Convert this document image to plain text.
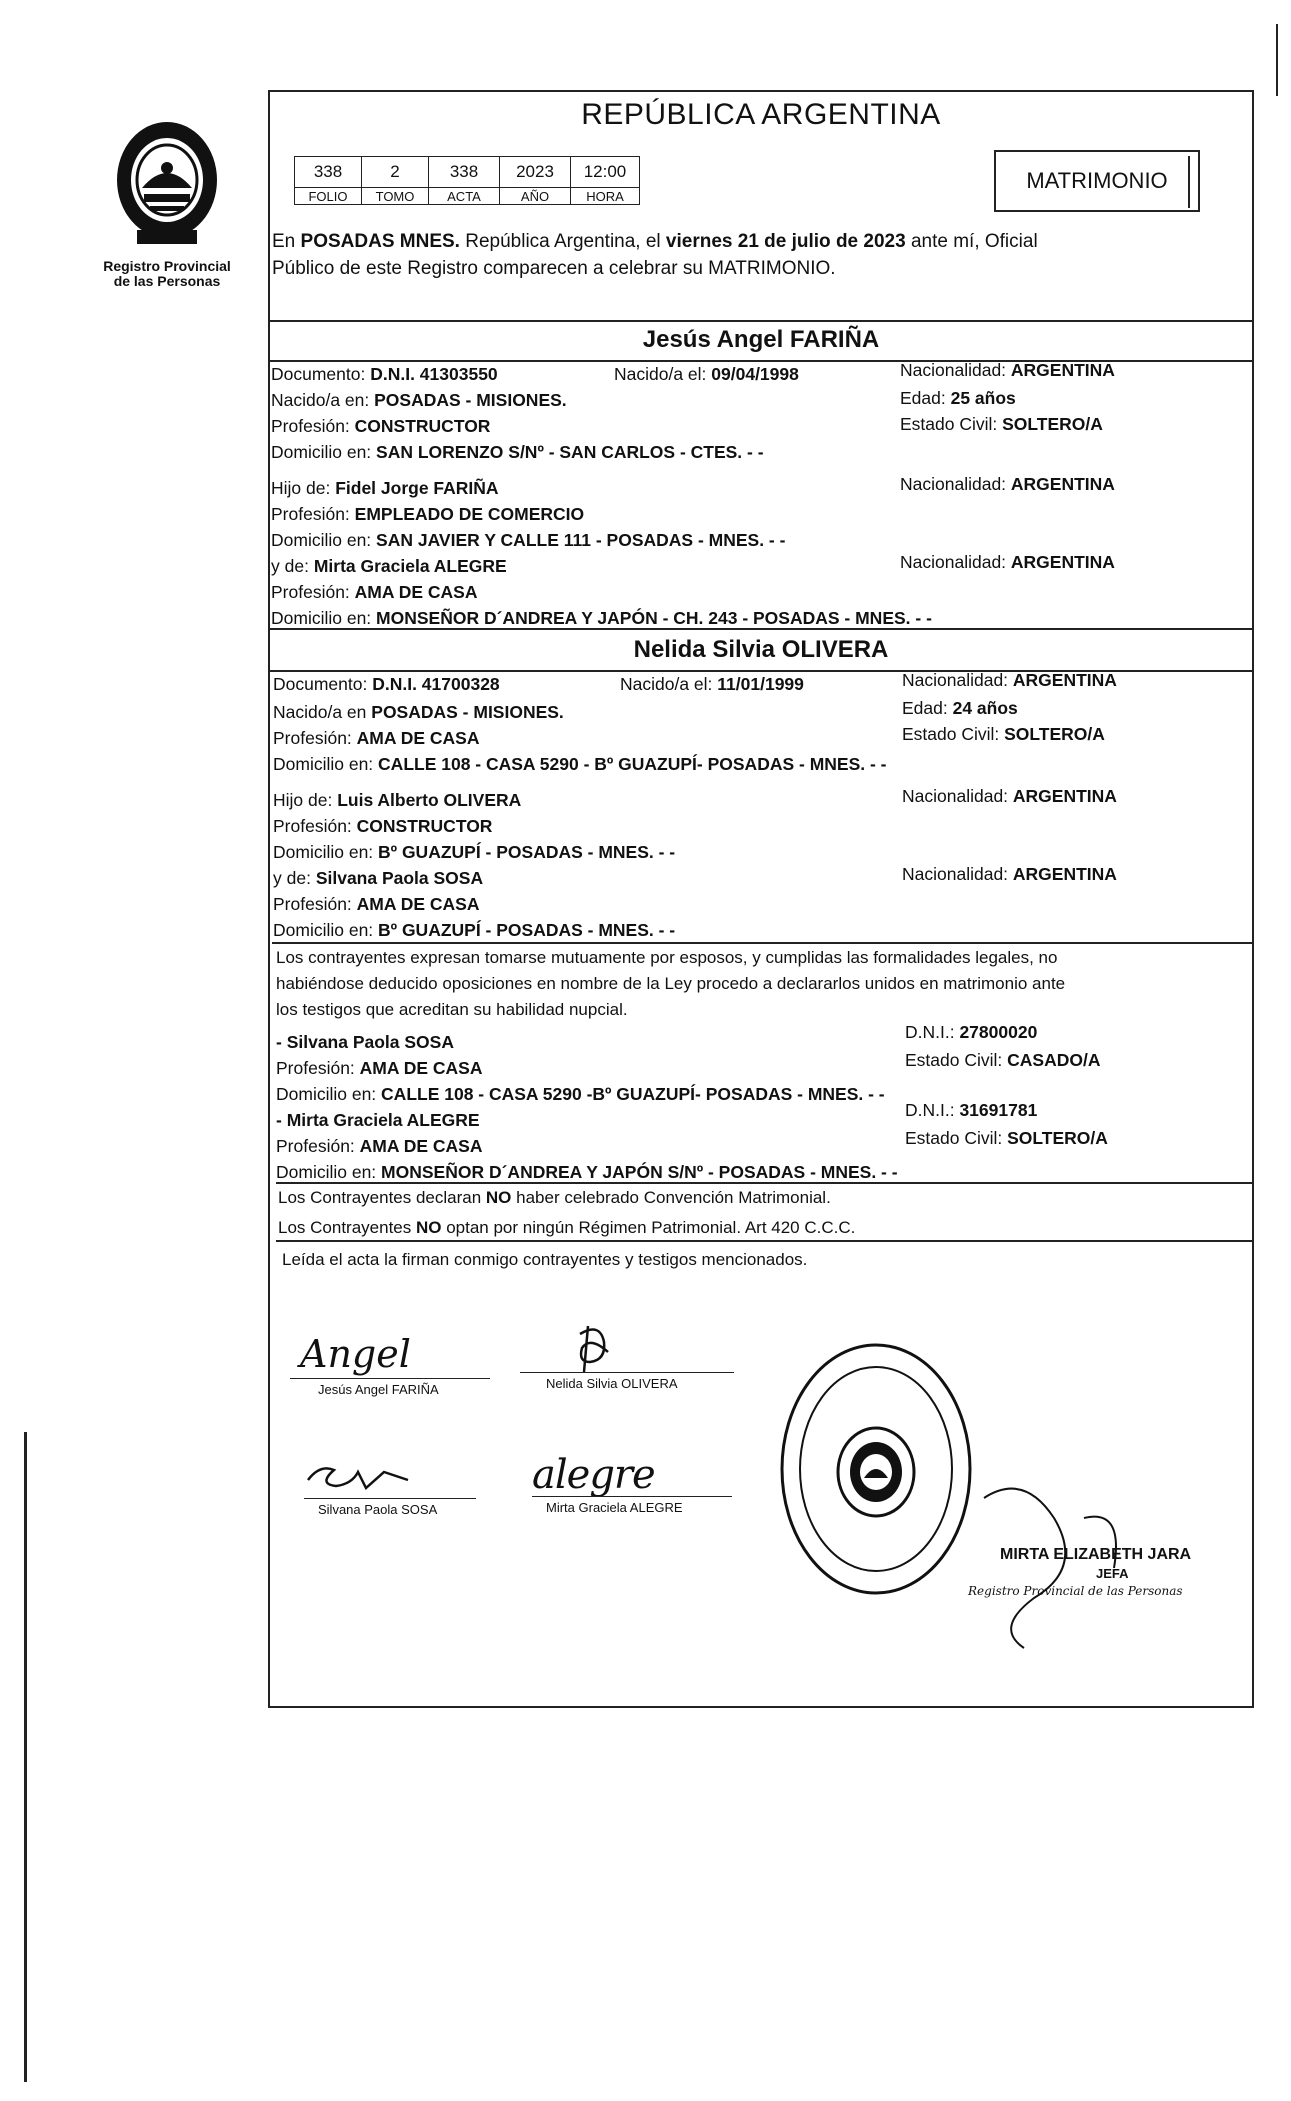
Registro Provincial
de las Personas
REPÚBLICA ARGENTINA
338	2	338	2023	12:00
FOLIO	TOMO	ACTA	AÑO	HORA
MATRIMONIO
En POSADAS MNES. República Argentina, el viernes 21 de julio de 2023 ante mí, Oficial
Público de este Registro comparecen a celebrar su MATRIMONIO.
Jesús Angel FARIÑA
Documento: D.N.I. 41303550	Nacido/a el: 09/04/1998	Nacionalidad: ARGENTINA
Nacido/a en: POSADAS - MISIONES.	Edad: 25 años
Profesión: CONSTRUCTOR	Estado Civil: SOLTERO/A
Domicilio en: SAN LORENZO S/Nº - SAN CARLOS - CTES. - -
Hijo de: Fidel Jorge FARIÑA	Nacionalidad: ARGENTINA
Profesión: EMPLEADO DE COMERCIO
Domicilio en: SAN JAVIER Y CALLE 111 - POSADAS - MNES. - -
y de: Mirta Graciela ALEGRE	Nacionalidad: ARGENTINA
Profesión: AMA DE CASA
Domicilio en: MONSEÑOR D´ANDREA Y JAPÓN - CH. 243 - POSADAS - MNES. - -
Nelida Silvia OLIVERA
Documento: D.N.I. 41700328	Nacido/a el: 11/01/1999	Nacionalidad: ARGENTINA
Nacido/a en POSADAS - MISIONES.	Edad: 24 años
Profesión: AMA DE CASA	Estado Civil: SOLTERO/A
Domicilio en: CALLE 108 - CASA 5290 - Bº GUAZUPÍ- POSADAS - MNES. - -
Hijo de: Luis Alberto OLIVERA	Nacionalidad: ARGENTINA
Profesión: CONSTRUCTOR
Domicilio en: Bº GUAZUPÍ - POSADAS - MNES. - -
y de: Silvana Paola SOSA	Nacionalidad: ARGENTINA
Profesión: AMA DE CASA
Domicilio en: Bº GUAZUPÍ - POSADAS - MNES. - -
Los contrayentes expresan tomarse mutuamente por esposos, y cumplidas las formalidades legales, no
habiéndose deducido oposiciones en nombre de la Ley procedo a declararlos unidos en matrimonio ante
los testigos que acreditan su habilidad nupcial.
- Silvana Paola SOSA	D.N.I.: 27800020
Profesión: AMA DE CASA	Estado Civil: CASADO/A
Domicilio en: CALLE 108 - CASA 5290 -Bº GUAZUPÍ- POSADAS - MNES. - -
- Mirta Graciela ALEGRE	D.N.I.: 31691781
Profesión: AMA DE CASA	Estado Civil: SOLTERO/A
Domicilio en: MONSEÑOR D´ANDREA Y JAPÓN S/Nº - POSADAS - MNES. - -
Los Contrayentes declaran NO haber celebrado Convención Matrimonial.
Los Contrayentes NO optan por ningún Régimen Patrimonial. Art 420 C.C.C.
Leída el acta la firman conmigo contrayentes y testigos mencionados.
Angel
Jesús Angel FARIÑA	Nelida Silvia OLIVERA
Silvana Paola SOSA
alegre
Mirta Graciela ALEGRE
MIRTA ELIZABETH JARA
JEFA
Registro Provincial de las Personas
